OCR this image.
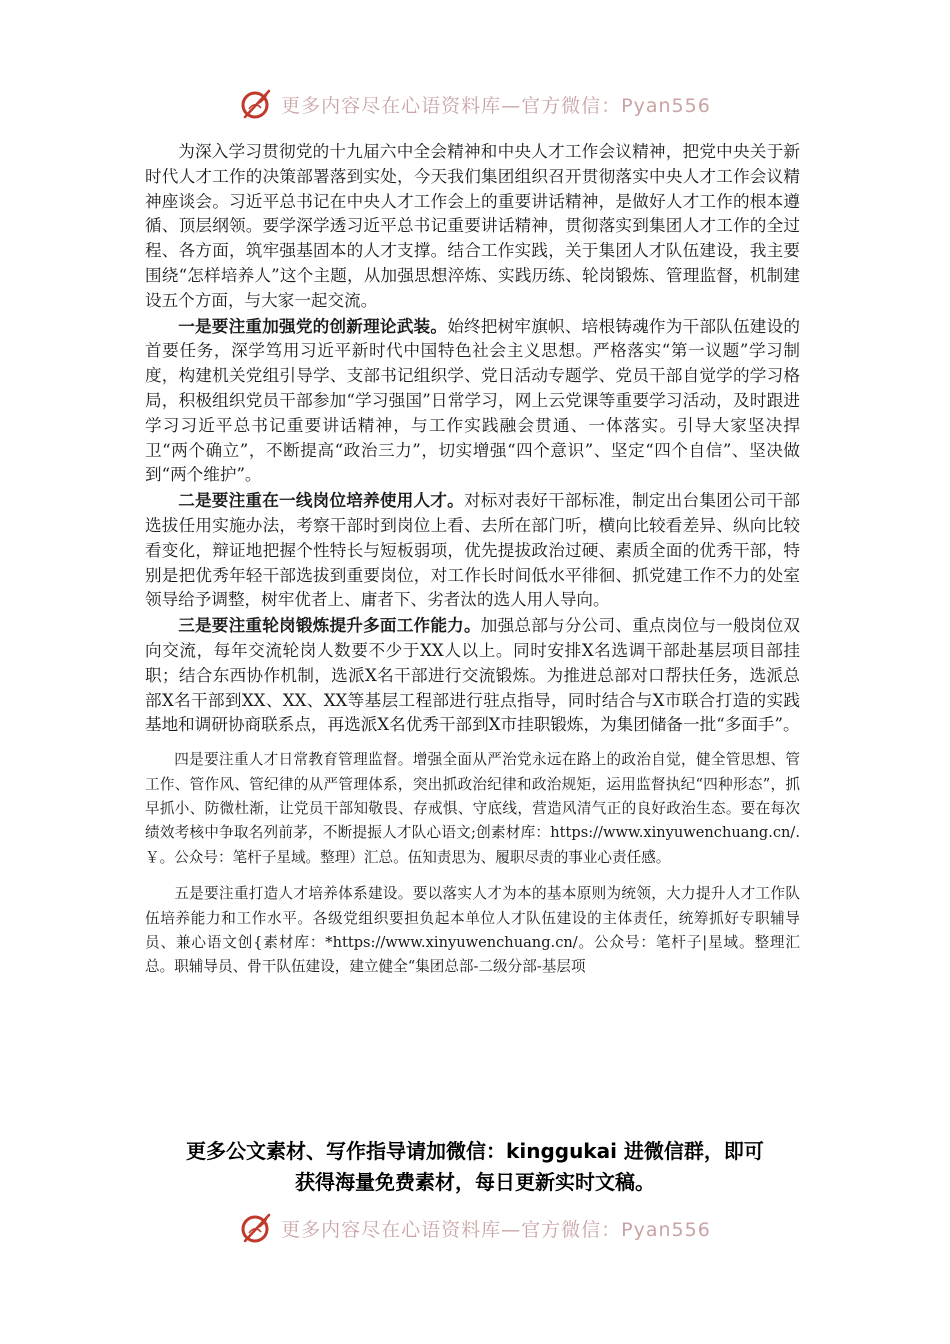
更多内容尽在心语资料库—官方微信：Pyan556

为深入学习贯彻党的十九届六中全会精神和中央人才工作会议精神，把党中央关于新时代人才工作的决策部署落到实处，今天我们集团组织召开贯彻落实中央人才工作会议精神座谈会。习近平总书记在中央人才工作会上的重要讲话精神，是做好人才工作的根本遵循、顶层纲领。要学深学透习近平总书记重要讲话精神，贯彻落实到集团人才工作的全过程、各方面，筑牢强基固本的人才支撑。结合工作实践，关于集团人才队伍建设，我主要围绕“怎样培养人”这个主题，从加强思想淬炼、实践历练、轮岗锻炼、管理监督，机制建设五个方面，与大家一起交流。

一是要注重加强党的创新理论武装。始终把树牢旗帜、培根铸魂作为干部队伍建设的首要任务，深学笃用习近平新时代中国特色社会主义思想。严格落实“第一议题”学习制度，构建机关党组引导学、支部书记组织学、党日活动专题学、党员干部自觉学的学习格局，积极组织党员干部参加“学习强国”日常学习，网上云党课等重要学习活动，及时跟进学习习近平总书记重要讲话精神，与工作实践融会贯通、一体落实。引导大家坚决捍卫“两个确立”，不断提高“政治三力”，切实增强“四个意识”、坚定“四个自信”、坚决做到“两个维护”。

二是要注重在一线岗位培养使用人才。对标对表好干部标准，制定出台集团公司干部选拔任用实施办法，考察干部时到岗位上看、去所在部门听，横向比较看差异、纵向比较看变化，辩证地把握个性特长与短板弱项，优先提拔政治过硬、素质全面的优秀干部，特别是把优秀年轻干部选拔到重要岗位，对工作长时间低水平徘徊、抓党建工作不力的处室领导给予调整，树牢优者上、庸者下、劣者汰的选人用人导向。

三是要注重轮岗锻炼提升多面工作能力。加强总部与分公司、重点岗位与一般岗位双向交流，每年交流轮岗人数要不少于XX人以上。同时安排X名选调干部赴基层项目部挂职；结合东西协作机制，选派X名干部进行交流锻炼。为推进总部对口帮扶任务，选派总部X名干部到XX、XX、XX等基层工程部进行驻点指导，同时结合与X市联合打造的实践基地和调研协商联系点，再选派X名优秀干部到X市挂职锻炼，为集团储备一批“多面手”。

四是要注重人才日常教育管理监督。增强全面从严治党永远在路上的政治自觉，健全管思想、管工作、管作风、管纪律的从严管理体系，突出抓政治纪律和政治规矩，运用监督执纪“四种形态”，抓早抓小、防微杜渐，让党员干部知敬畏、存戒惧、守底线，营造风清气正的良好政治生态。要在每次绩效考核中争取名列前茅，不断提振人才队心语文;创素材库：https://www.xinyuwenchuang.cn/.￥。公众号：笔杆子星域。整理）汇总。伍知责思为、履职尽责的事业心责任感。

五是要注重打造人才培养体系建设。要以落实人才为本的基本原则为统领，大力提升人才工作队伍培养能力和工作水平。各级党组织要担负起本单位人才队伍建设的主体责任，统筹抓好专职辅导员、兼心语文创{素材库：*https://www.xinyuwenchuang.cn/。公众号：笔杆子|星域。整理汇总。职辅导员、骨干队伍建设，建立健全“集团总部-二级分部-基层项

更多公文素材、写作指导请加微信：kinggukai 进微信群，即可
获得海量免费素材，每日更新实时文稿。
更多内容尽在心语资料库—官方微信：Pyan556
